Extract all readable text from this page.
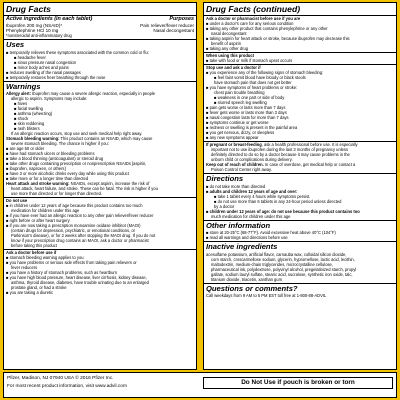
Drug Facts
Active ingredients (in each tablet)	Purposes
Ibuprofen 200 mg (NSAID)*	Pain reliever/fever reducer
Phenylephrine HCl 10 mg	Nasal decongestant
*nonsteroidal anti-inflammatory drug
Uses
■ temporarily relieves these symptoms associated with the common cold or flu:
■ headache fever
■ sinus pressure nasal congestion
■ minor body aches and pains
■ reduces swelling of the nasal passages
■ temporarily restores freer breathing through the nose
Warnings
Allergy alert: Ibuprofen may cause a severe allergic reaction, especially in people
allergic to aspirin. Symptoms may include:
■ hives
■ facial swelling
■ asthma (wheezing)
■ shock
■ skin reddening
■ rash blisters
If an allergic reaction occurs, stop use and seek medical help right away.
Stomach bleeding warning: This product contains an NSAID, which may cause
severe stomach bleeding. The chance is higher if you:
■ are age 60 or older
■ have had stomach ulcers or bleeding problems
■ take a blood thinning (anticoagulant) or steroid drug
■ take other drugs containing prescription or nonprescription NSAIDs [aspirin,
■ ibuprofen, naproxen, or others]
■ have 3 or more alcoholic drinks every day while using this product
■ take more or for a longer time than directed
Heart attack and stroke warning: NSAIDs, except aspirin, increase the risk of
heart attack, heart failure, and stroke. These can be fatal. The risk is higher if you
use more than directed or for longer than directed.
Do not use
■ in children under 12 years of age because this product contains too much
medication for children under this age
■ if you have ever had an allergic reaction to any other pain reliever/fever reducer
■ right before or after heart surgery
■ if you are now taking a prescription monoamine oxidase inhibitor (MAOI)
(certain drugs for depression, psychiatric, or emotional conditions, or
Parkinson's disease), or for 2 weeks after stopping the MAOI drug. If you do not
know if your prescription drug contains an MAOI, ask a doctor or pharmacist
before taking this product
Ask a doctor before use if
■ stomach bleeding warning applies to you
■ you have problems or serious side effects from taking pain relievers or
fever reducers
■ you have a history of stomach problems, such as heartburn
■ you have high blood pressure, heart disease, liver cirrhosis, kidney disease,
asthma, thyroid disease, diabetes, have trouble urinating due to an enlarged
prostate gland, or had a stroke
■ you are taking a diuretic
Drug Facts (continued)
Ask a doctor or pharmacist before use if you are
■ under a doctor's care for any serious condition
■ taking any other product that contains phenylephrine or any other
nasal decongestant
■ taking aspirin for heart attack or stroke, because ibuprofen may decrease this
benefit of aspirin
■ taking any other drug
When using this product
■ take with food or milk if stomach upset occurs
Stop use and ask a doctor if
■ you experience any of the following signs of stomach bleeding:
■ feel faint vomit blood have bloody or black stools
have stomach pain that does not get better
■ you have symptoms of heart problems or stroke:
chest pain trouble breathing
■ weakness in one part or side of body
■ slurred speech leg swelling
■ pain gets worse or lasts more than 7 days
■ fever gets worse or lasts more than 3 days
■ nasal congestion lasts for more than 7 days
■ symptoms continue or get worse
■ redness or swelling is present in the painful area
■ you get nervous, dizzy, or sleepless
■ any new symptoms appear
If pregnant or breast-feeding, ask a health professional before use. It is especially
important not to use ibuprofen during the last 3 months of pregnancy unless
definitely directed to do so by a doctor because it may cause problems in the
unborn child or complications during delivery.
Keep out of reach of children. In case of overdose, get medical help or contact a
Poison Control Center right away.
Directions
■ do not take more than directed
■ adults and children 12 years of age and over:
■ take 1 tablet every 4 hours while symptoms persist.
■ do not use more than 6 tablets in any 24-hour period unless directed
by a doctor
■ children under 12 years of age: do not use because this product contains too
much medication for children under this age
Other information
■ store at 20-25°C (68-77°F). Avoid excessive heat above 40°C (104°F)
■ read all warnings and directions before use
Inactive ingredients
acesulfame potassium, artificial flavor, carnauba wax, colloidal silicon dioxide,
corn starch, croscarmellose sodium, glycerin, hypromellose, lactic acid, lecithin,
maltodextrin, medium-chain triglycerides, microcrystalline cellulose,
pharmaceutical ink, polydextrose, polyvinyl alcohol, pregelatinized starch, propyl
gallate, sodium lauryl sulfate, stearic acid, sucralose, synthetic iron oxide, talc,
titanium dioxide, triacetin, xanthan gum
Questions or comments?
Call weekdays from 9 AM to 5 PM EST toll free at 1-800-88-ADVIL
Pfizer, Madison, NJ 07940 USA © 2016 Pfizer Inc.
For most recent product information, visit www.advil.com
Do Not Use if pouch is broken or torn
